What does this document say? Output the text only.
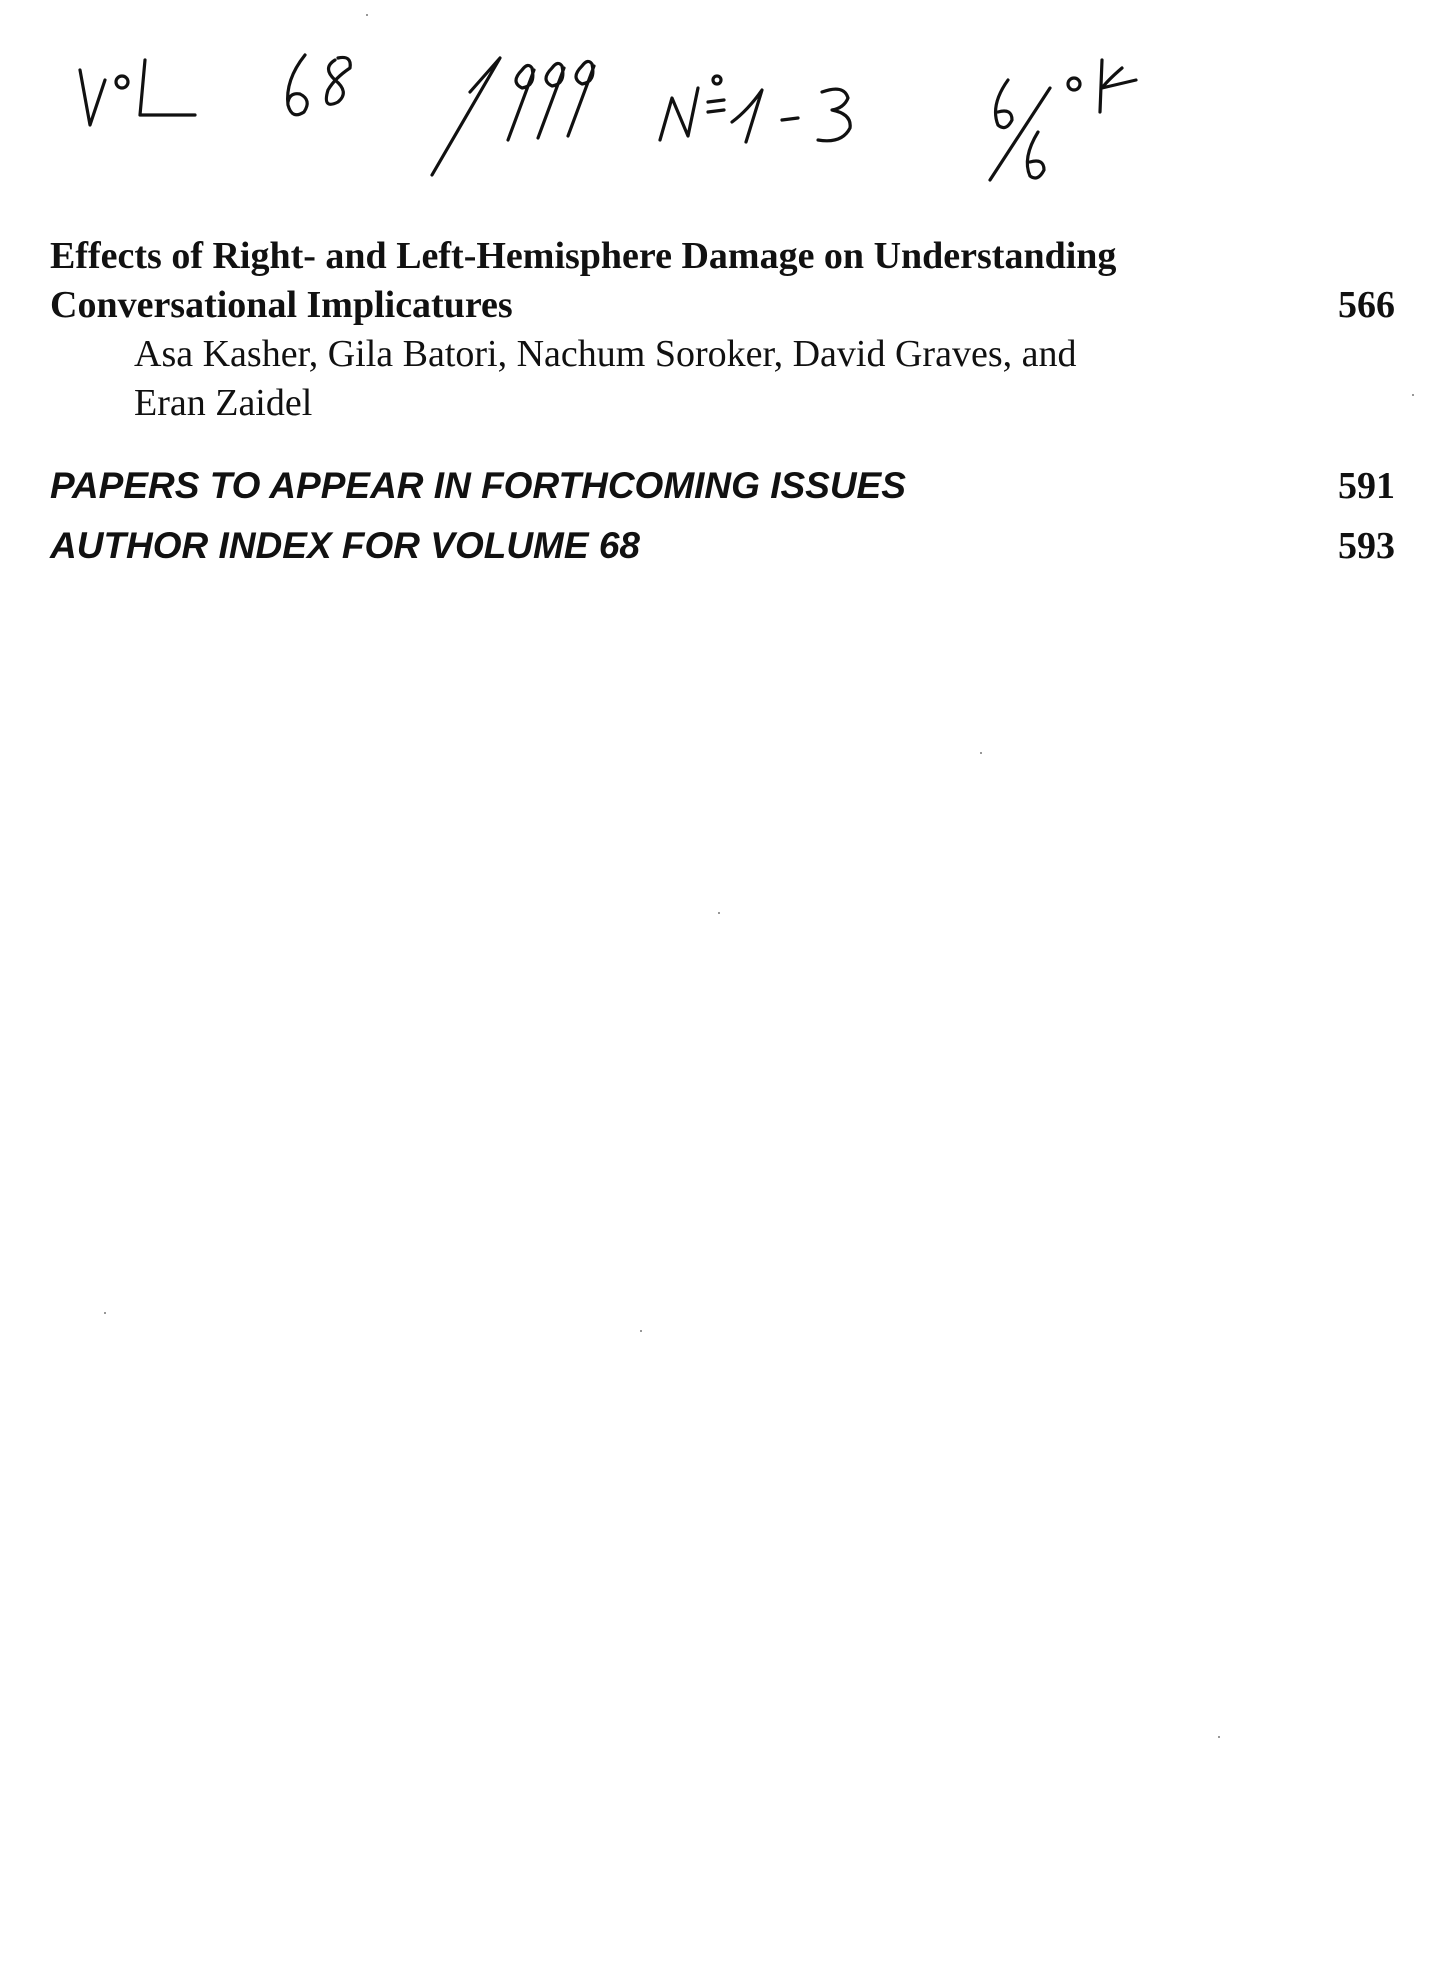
Effects of Right- and Left-Hemisphere Damage on Understanding
Conversational Implicatures	566

Asa Kasher, Gila Batori, Nachum Soroker, David Graves, and
Eran Zaidel

PAPERS TO APPEAR IN FORTHCOMING ISSUES	591

AUTHOR INDEX FOR VOLUME 68	593
